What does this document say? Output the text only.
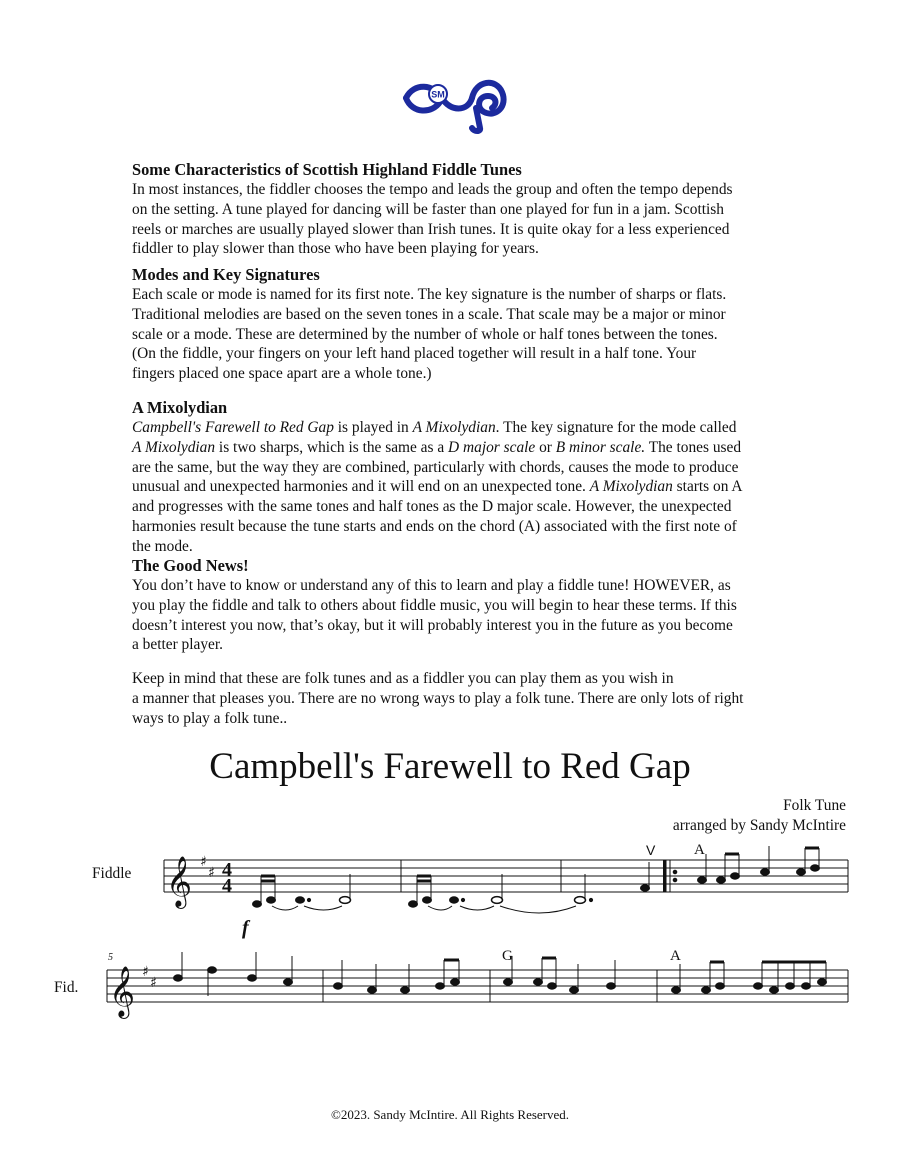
SM
Some Characteristics of Scottish Highland Fiddle Tunes

In most instances, the fiddler chooses the tempo and leads the group and often the tempo depends

on the setting. A tune played for dancing will be faster than one played for fun in a jam. Scottish

reels or marches are usually played slower than Irish tunes. It is quite okay for a less experienced

fiddler to play slower than those who have been playing for years.

Modes and Key Signatures

Each scale or mode is named for its first note. The key signature is the number of sharps or flats.

Traditional melodies are based on the seven tones in a scale. That scale may be a major or minor

scale or a mode. These are determined by the number of whole or half tones between the tones.

(On the fiddle, your fingers on your left hand placed together will result in a half tone. Your

fingers placed one space apart are a whole tone.)

A Mixolydian

Campbell's Farewell to Red Gap is played in A Mixolydian. The key signature for the mode called

A Mixolydian is two sharps, which is the same as a D major scale or B minor scale. The tones used

are the same, but the way they are combined, particularly with chords, causes the mode to produce

unusual and unexpected harmonies and it will end on an unexpected tone. A Mixolydian starts on A

and progresses with the same tones and half tones as the D major scale. However, the unexpected

harmonies result because the tune starts and ends on the chord (A) associated with the first note of

the mode.

The Good News!

You don’t have to know or understand any of this to learn and play a fiddle tune! HOWEVER, as

you play the fiddle and talk to others about fiddle music, you will begin to hear these terms. If this

doesn’t interest you now, that’s okay, but it will probably interest you in the future as you become

a better player.

Keep in mind that these are folk tunes and as a fiddler you can play them as you wish in

a manner that pleases you. There are no wrong ways to play a folk tune. There are only lots of right

ways to play a folk tune..

Campbell's Farewell to Red Gap
Folk Tune
arranged by Sandy McIntire
Fiddle 𝄞 ♯
♯ 4
4
f
V	A
5
Fid. 𝄞 ♯
♯
G	A
©2023. Sandy McIntire. All Rights Reserved.
